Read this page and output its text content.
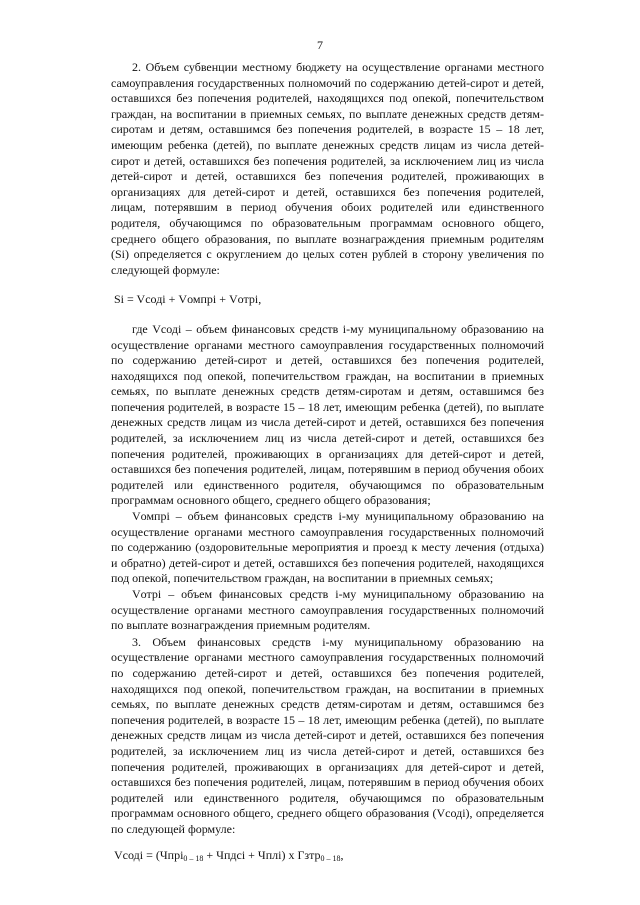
7

2. Объем субвенции местному бюджету на осуществление органами местного самоуправления государственных полномочий по содержанию детей-сирот и детей, оставшихся без попечения родителей, находящихся под опекой, попечительством граждан, на воспитании в приемных семьях, по выплате денежных средств детям-сиротам и детям, оставшимся без попечения родителей, в возрасте 15 – 18 лет, имеющим ребенка (детей), по выплате денежных средств лицам из числа детей-сирот и детей, оставшихся без попечения родителей, за исключением лиц из числа детей-сирот и детей, оставшихся без попечения родителей, проживающих в организациях для детей-сирот и детей, оставшихся без попечения родителей, лицам, потерявшим в период обучения обоих родителей или единственного родителя, обучающимся по образовательным программам основного общего, среднего общего образования, по выплате вознаграждения приемным родителям (Si) определяется с округлением до целых сотен рублей в сторону увеличения по следующей формуле:

Si = Vсоді + Vомпрі + Vотрі,

где Vсоді – объем финансовых средств i-му муниципальному образованию на осуществление органами местного самоуправления государственных полномочий по содержанию детей-сирот и детей, оставшихся без попечения родителей, находящихся под опекой, попечительством граждан, на воспитании в приемных семьях, по выплате денежных средств детям-сиротам и детям, оставшимся без попечения родителей, в возрасте 15 – 18 лет, имеющим ребенка (детей), по выплате денежных средств лицам из числа детей-сирот и детей, оставшихся без попечения родителей, за исключением лиц из числа детей-сирот и детей, оставшихся без попечения родителей, проживающих в организациях для детей-сирот и детей, оставшихся без попечения родителей, лицам, потерявшим в период обучения обоих родителей или единственного родителя, обучающимся по образовательным программам основного общего, среднего общего образования;

Vомпрі – объем финансовых средств i-му муниципальному образованию на осуществление органами местного самоуправления государственных полномочий по содержанию (оздоровительные мероприятия и проезд к месту лечения (отдыха) и обратно) детей-сирот и детей, оставшихся без попечения родителей, находящихся под опекой, попечительством граждан, на воспитании в приемных семьях;

Vотрі – объем финансовых средств i-му муниципальному образованию на осуществление органами местного самоуправления государственных полномочий по выплате вознаграждения приемным родителям.

3. Объем финансовых средств i-му муниципальному образованию на осуществление органами местного самоуправления государственных полномочий по содержанию детей-сирот и детей, оставшихся без попечения родителей, находящихся под опекой, попечительством граждан, на воспитании в приемных семьях, по выплате денежных средств детям-сиротам и детям, оставшимся без попечения родителей, в возрасте 15 – 18 лет, имеющим ребенка (детей), по выплате денежных средств лицам из числа детей-сирот и детей, оставшихся без попечения родителей, за исключением лиц из числа детей-сирот и детей, оставшихся без попечения родителей, проживающих в организациях для детей-сирот и детей, оставшихся без попечения родителей, лицам, потерявшим в период обучения обоих родителей или единственного родителя, обучающимся по образовательным программам основного общего, среднего общего образования (Vсоді), определяется по следующей формуле:

Vсоді = (Чпрі$_{0 - 18}$ + Чпдсі + Чплі) х Гзтр$_{0 - 18}$,
